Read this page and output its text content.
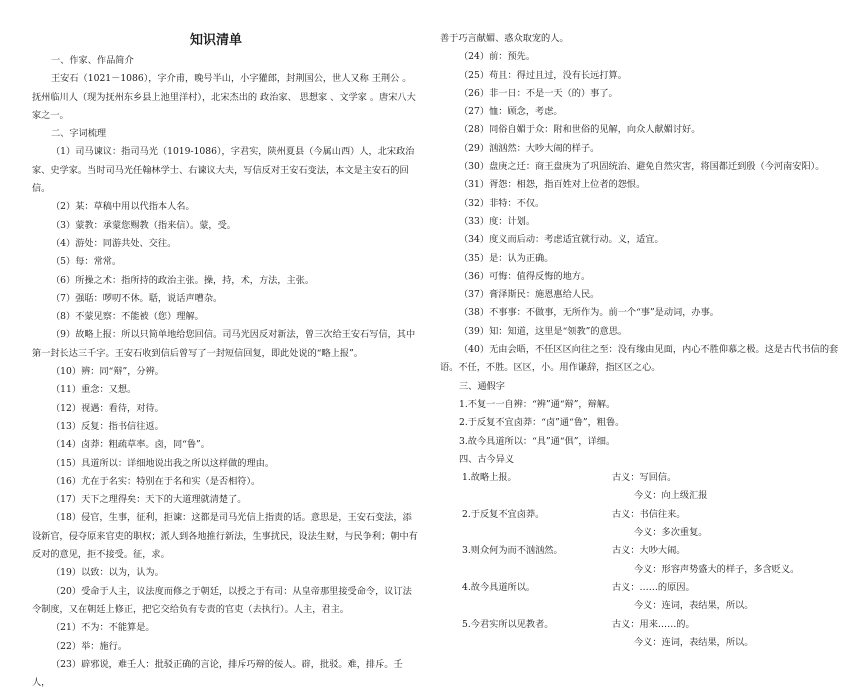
知识清单

一、作家、作品简介

王安石（1021－1086），字介甫，晚号半山，小字獾郎，封荆国公，世人又称 王荆公 。抚州临川人（现为抚州东乡县上池里洋村），北宋杰出的 政治家、 思想家 、文学家 。唐宋八大家之一。

二、字词梳理

（1）司马谏议：指司马光（1019-1086），字君实，陕州夏县（今属山西）人，北宋政治家、史学家。当时司马光任翰林学士、右谏议大夫，写信反对王安石变法，本文是主安石的回信。

（2）某：草稿中用以代指本人名。

（3）蒙教：承蒙您赐教（指来信）。蒙，受。

（4）游处：同游共处、交往。

（5）每：常常。

（6）所操之术：指所持的政治主张。操，持，术，方法，主张。

（7）强聒：啰叨不休。聒，说话声嘈杂。

（8）不蒙见察：不能被（您）理解。

（9）故略上报：所以只简单地给您回信。司马光因反对新法，曾三次给王安石写信，其中第一封长达三千字。王安石收到信后曾写了一封短信回复，即此处说的“略上报”。

（10）辨：同“辩”，分辨。

（11）重念：又想。

（12）视遇：看待，对待。

（13）反复：指书信往返。

（14）卤莽：粗疏草率。卤，同“鲁”。

（15）具道所以：详细地说出我之所以这样做的理由。

（16）尤在于名实：特别在于名和实（是否相符）。

（17）天下之理得矣：天下的大道理就清楚了。

（18）侵官，生事，征利，拒谏：这都是司马光信上指责的话。意思是，王安石变法，添设新官，侵夺原来官吏的职权；派人到各地推行新法，生事扰民，设法生财，与民争利；朝中有反对的意见，拒不接受。征，求。

（19）以致：以为，认为。

（20）受命于人主，议法度而修之于朝廷，以授之于有司：从皇帝那里接受命令，议订法令制度，又在朝廷上修正，把它交给负有专责的官吏（去执行）。人主，君主。

（21）不为：不能算是。

（22）举：施行。

（23）辟邪说，难壬人：批驳正确的言论，排斥巧辩的佞人。辟，批驳。难，排斥。壬人，

善于巧言献媚、惑众取宠的人。

（24）前：预先。

（25）苟且：得过且过，没有长远打算。

（26）非一日：不是一天（的）事了。

（27）恤：顾念，考虑。

（28）同俗自媚于众：附和世俗的见解，向众人献媚讨好。

（29）汹汹然：大吵大闹的样子。

（30）盘庚之迁：商王盘庚为了巩固统治、避免自然灾害，将国都迁到殷（今河南安阳）。

（31）胥怨：相怨，指百姓对上位者的怨恨。

（32）非特：不仅。

（33）度：计划。

（34）度义而后动：考虑适宜就行动。义，适宜。

（35）是：认为正确。

（36）可悔：值得反悔的地方。

（37）膏泽斯民：施恩惠给人民。

（38）不事事：不做事，无所作为。前一个“事”是动词，办事。

（39）知：知道，这里是“领教”的意思。

（40）无由会晤，不任区区向往之至：没有缘由见面，内心不胜仰慕之极。这是古代书信的套语。不任，不胜。区区，小。用作谦辞，指区区之心。

三、通假字

1.不复一一自辨：“辨”通“辩”，辩解。

2.于反复不宜卤莽：“卤”通“鲁”，粗鲁。

3.故今具道所以：“具”通“俱”，详细。

四、古今异义

1.故略上报。	古义：写回信。
今义：向上级汇报
2.于反复不宜卤莽。	古义：书信往来。
今义：多次重复。
3.则众何为而不汹汹然。	古义：大吵大闹。
今义：形容声势盛大的样子，多含贬义。
4.故今具道所以。	古义：……的原因。
今义：连词，表结果，所以。
5.今君实所以见教者。	古义：用来……的。
今义：连词，表结果，所以。
